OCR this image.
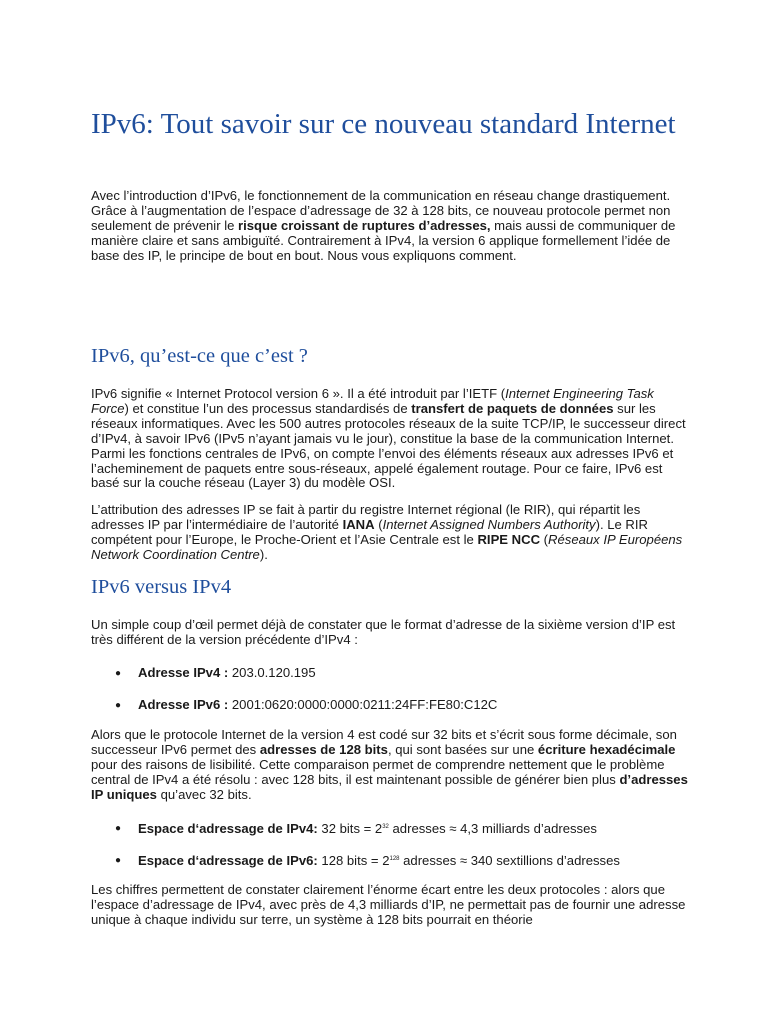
IPv6: Tout savoir sur ce nouveau standard Internet

Avec l’introduction d’IPv6, le fonctionnement de la communication en réseau change drastiquement. Grâce à l’augmentation de l’espace d’adressage de 32 à 128 bits, ce nouveau protocole permet non seulement de prévenir le risque croissant de ruptures d’adresses, mais aussi de communiquer de manière claire et sans ambiguïté. Contrairement à IPv4, la version 6 applique formellement l’idée de base des IP, le principe de bout en bout. Nous vous expliquons comment.

IPv6, qu’est-ce que c’est ?

IPv6 signifie « Internet Protocol version 6 ». Il a été introduit par l’IETF (Internet Engineering Task Force) et constitue l’un des processus standardisés de transfert de paquets de données sur les réseaux informatiques. Avec les 500 autres protocoles réseaux de la suite TCP/IP, le successeur direct d’IPv4, à savoir IPv6 (IPv5 n’ayant jamais vu le jour), constitue la base de la communication Internet. Parmi les fonctions centrales de IPv6, on compte l’envoi des éléments réseaux aux adresses IPv6 et l’acheminement de paquets entre sous-réseaux, appelé également routage. Pour ce faire, IPv6 est basé sur la couche réseau (Layer 3) du modèle OSI.

L’attribution des adresses IP se fait à partir du registre Internet régional (le RIR), qui répartit les adresses IP par l’intermédiaire de l’autorité IANA (Internet Assigned Numbers Authority). Le RIR compétent pour l’Europe, le Proche-Orient et l’Asie Centrale est le RIPE NCC (Réseaux IP Européens Network Coordination Centre).

IPv6 versus IPv4

Un simple coup d’œil permet déjà de constater que le format d’adresse de la sixième version d’IP est très différent de la version précédente d’IPv4 :

● Adresse IPv4 : 203.0.120.195

● Adresse IPv6 : 2001:0620:0000:0000:0211:24FF:FE80:C12C

Alors que le protocole Internet de la version 4 est codé sur 32 bits et s’écrit sous forme décimale, son successeur IPv6 permet des adresses de 128 bits, qui sont basées sur une écriture hexadécimale pour des raisons de lisibilité. Cette comparaison permet de comprendre nettement que le problème central de IPv4 a été résolu : avec 128 bits, il est maintenant possible de générer bien plus d’adresses IP uniques qu’avec 32 bits.

● Espace d‘adressage de IPv4: 32 bits = $2^{32}$ adresses ≈ 4,3 milliards d’adresses

● Espace d‘adressage de IPv6: 128 bits = $2^{128}$ adresses ≈ 340 sextillions d’adresses

Les chiffres permettent de constater clairement l’énorme écart entre les deux protocoles : alors que l’espace d’adressage de IPv4, avec près de 4,3 milliards d’IP, ne permettait pas de fournir une adresse unique à chaque individu sur terre, un système à 128 bits pourrait en théorie
